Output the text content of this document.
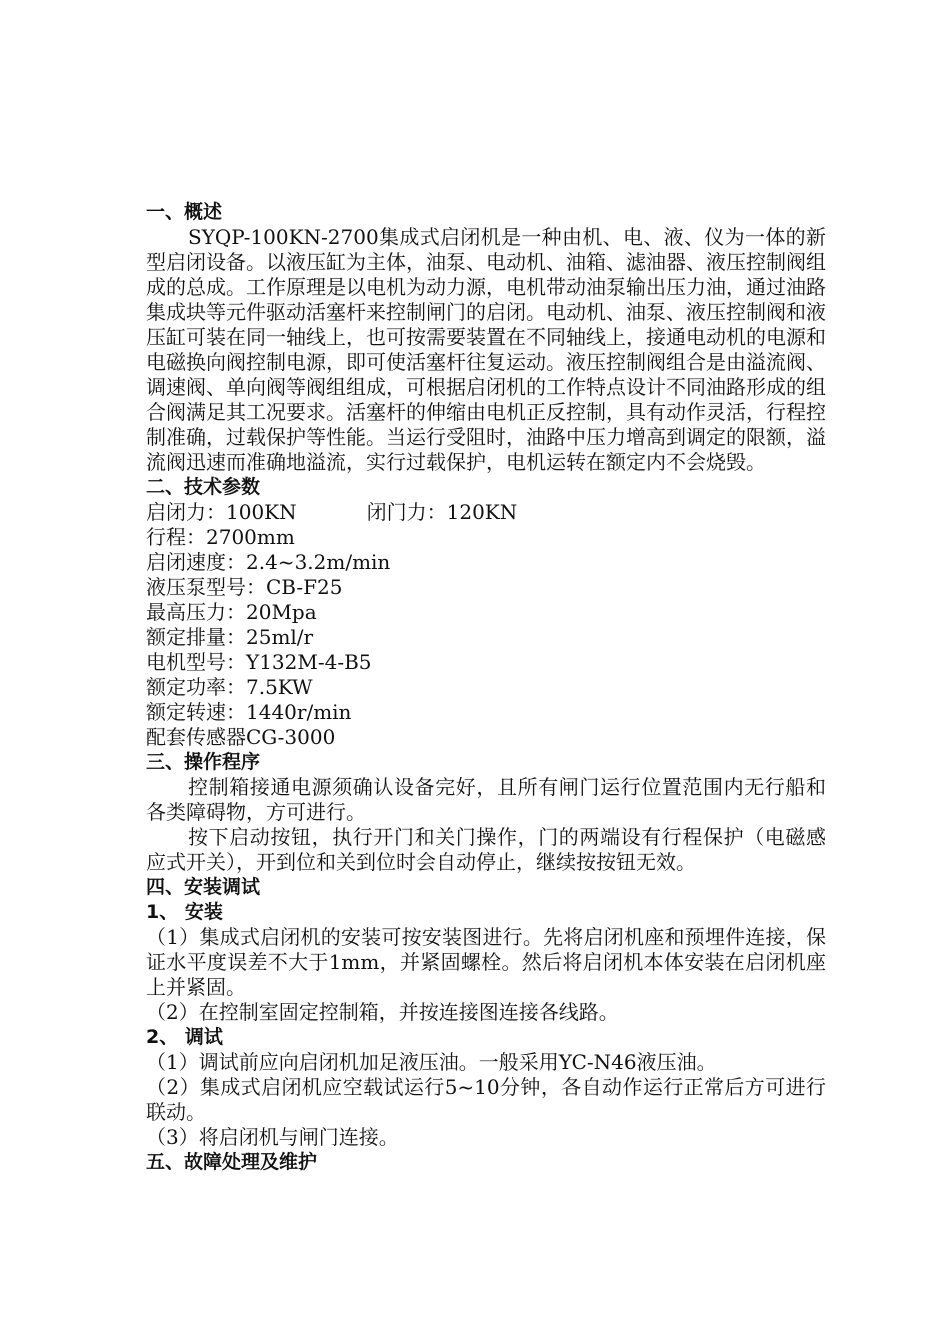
一、概述
SYQP-100KN-2700集成式启闭机是一种由机、电、液、仪为一体的新型启闭设备。以液压缸为主体，油泵、电动机、油箱、滤油器、液压控制阀组成的总成。工作原理是以电机为动力源，电机带动油泵输出压力油，通过油路集成块等元件驱动活塞杆来控制闸门的启闭。电动机、油泵、液压控制阀和液压缸可装在同一轴线上，也可按需要装置在不同轴线上，接通电动机的电源和电磁换向阀控制电源，即可使活塞杆往复运动。液压控制阀组合是由溢流阀、调速阀、单向阀等阀组组成，可根据启闭机的工作特点设计不同油路形成的组合阀满足其工况要求。活塞杆的伸缩由电机正反控制，具有动作灵活，行程控制准确，过载保护等性能。当运行受阻时，油路中压力增高到调定的限额，溢流阀迅速而准确地溢流，实行过载保护，电机运转在额定内不会烧毁。
二、技术参数
启闭力：100KN	闭门力：120KN
行程：2700mm
启闭速度：2.4~3.2m/min
液压泵型号：CB-F25
最高压力：20Mpa
额定排量：25ml/r
电机型号：Y132M-4-B5
额定功率：7.5KW
额定转速：1440r/min
配套传感器CG-3000
三、操作程序
控制箱接通电源须确认设备完好，且所有闸门运行位置范围内无行船和各类障碍物，方可进行。
按下启动按钮，执行开门和关门操作，门的两端设有行程保护（电磁感应式开关），开到位和关到位时会自动停止，继续按按钮无效。
四、安装调试
1、 安装
（1）集成式启闭机的安装可按安装图进行。先将启闭机座和预埋件连接，保证水平度误差不大于1mm，并紧固螺栓。然后将启闭机本体安装在启闭机座上并紧固。
（2）在控制室固定控制箱，并按连接图连接各线路。
2、 调试
（1）调试前应向启闭机加足液压油。一般采用YC-N46液压油。
（2）集成式启闭机应空载试运行5~10分钟，各自动作运行正常后方可进行联动。
（3）将启闭机与闸门连接。
五、故障处理及维护
